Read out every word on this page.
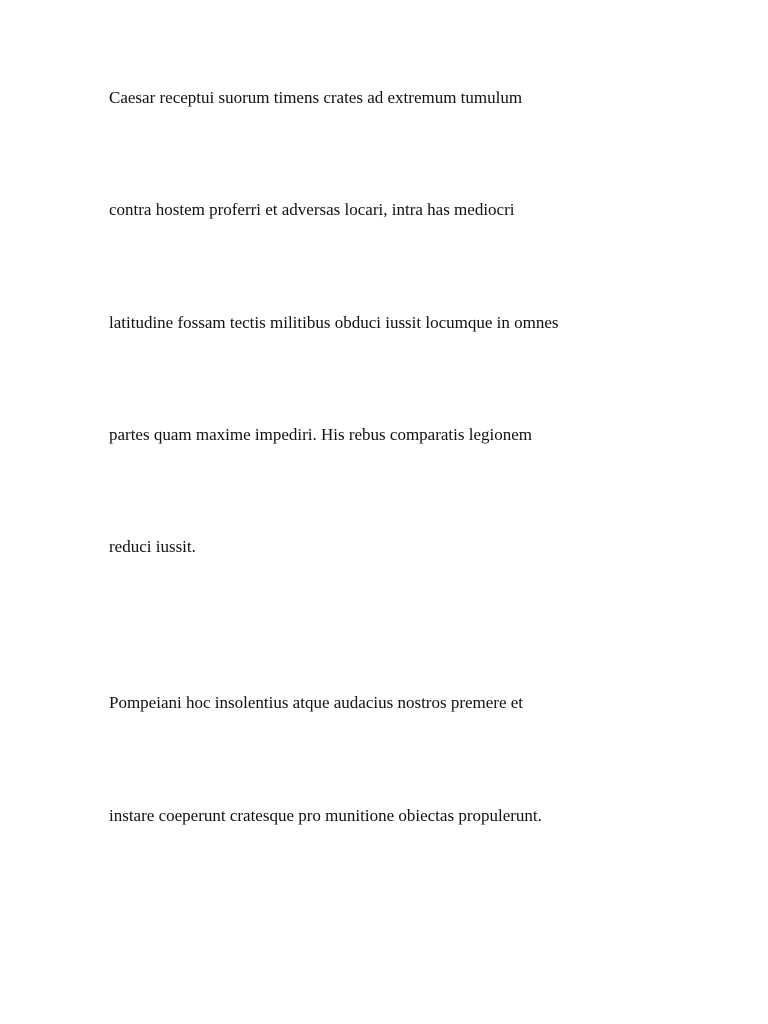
Caesar receptui suorum timens crates ad extremum tumulum

contra hostem proferri et adversas locari, intra has mediocri

latitudine fossam tectis militibus obduci iussit locumque in omnes

partes quam maxime impediri. His rebus comparatis legionem

reduci iussit.

Pompeiani hoc insolentius atque audacius nostros premere et

instare coeperunt cratesque pro munitione obiectas propulerunt.
